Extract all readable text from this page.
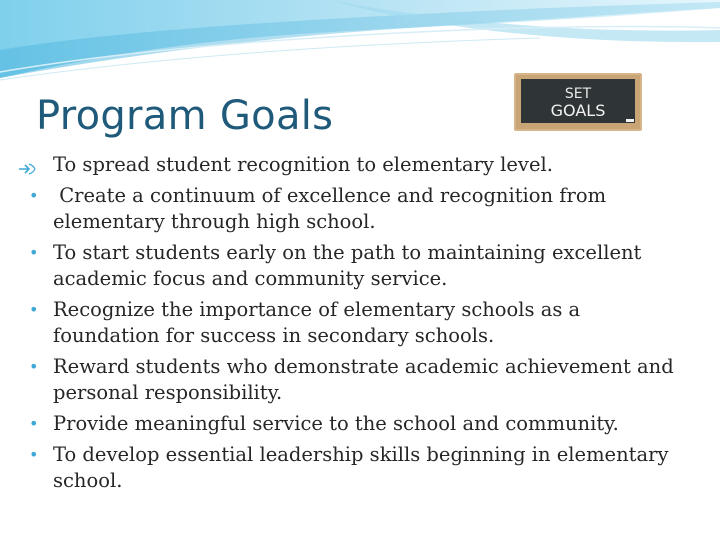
Program Goals	SET
GOALS
To spread student recognition to elementary level.
• Create a continuum of excellence and recognition from elementary through high school.
• To start students early on the path to maintaining excellent academic focus and community service.
• Recognize the importance of elementary schools as a foundation for success in secondary schools.
• Reward students who demonstrate academic achievement and personal responsibility.
• Provide meaningful service to the school and community.
• To develop essential leadership skills beginning in elementary school.
